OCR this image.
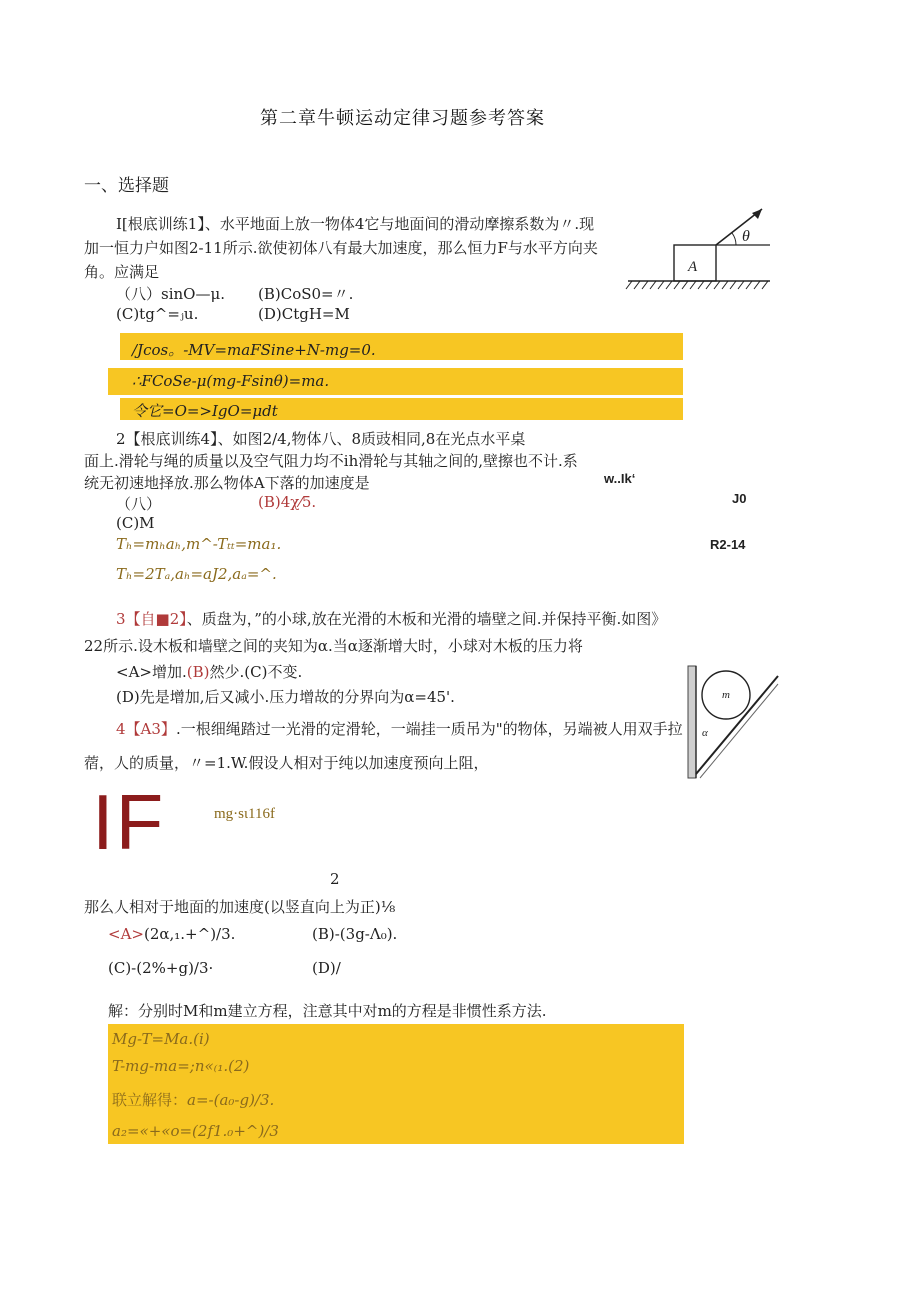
第二章牛顿运动定律习题参考答案
一、选择题
I[根底训练1】、水平地面上放一物体4它与地面间的滑动摩擦系数为〃.现
加一恒力户如图2-11所示.欲使初体八有最大加速度，那么恒力F与水平方向夹
角。应满足
（八）sinO—μ. (B)CoS0=〃.
(C)tg^=ⱼu.	(D)CtgH=M
A
θ
/Jcos。-MV=maFSine+N-mg=0.
∴FCoSe-μ(mg-Fsinθ)=ma.
令它=O=>IgO=μdt
2【根底训练4】、如图2/4,物体八、8质豉相同,8在光点水平桌
面上.滑轮与绳的质量以及空气阻力均不ih滑轮与其轴之间的,壁擦也不计.系
统无初速地择放.那么物体A下落的加速度是	w..Ik‘
（八）	(B)4χ⁄5.	J0
(C)M
Tₕ=mₕaₕ,m^-Tₜₜ=ma₁.	R2-14
Tₕ=2Tₐ,aₕ=aJ2,aₐ=^.
3【自■2】、质盘为，”的小球,放在光滑的木板和光滑的墙壁之间.并保持平衡.如图》
22所示.设木板和墙壁之间的夹知为α.当α逐渐增大时，小球对木板的压力将
<A>增加.(B)然少.(C)不变.
(D)先是增加,后又减小.压力增故的分界向为α=45'.	m
α
4【A3】.一根细绳踏过一光滑的定滑轮，一端挂一质吊为"的物体，另端被人用双手拉
蓿，人的质量，〃=1.W.假设人相对于纯以加速度预向上阻，
IF	mg·sι116f
2
那么人相对于地面的加速度(以竖直向上为正)⅛
<A>(2α,₁.+^)/3.	(B)-(3g-Λ₀).
(C)-(2%+g)∕3·	(D)/
解：分别时M和m建立方程，注意其中对m的方程是非惯性系方法.
Mg-T=Ma.(i)
T-mg-ma=;n«₍₁.(2)
联立解得：a=-(a₀-g)∕3.
a₂=«+«o=(2f1.₀+^)∕3
